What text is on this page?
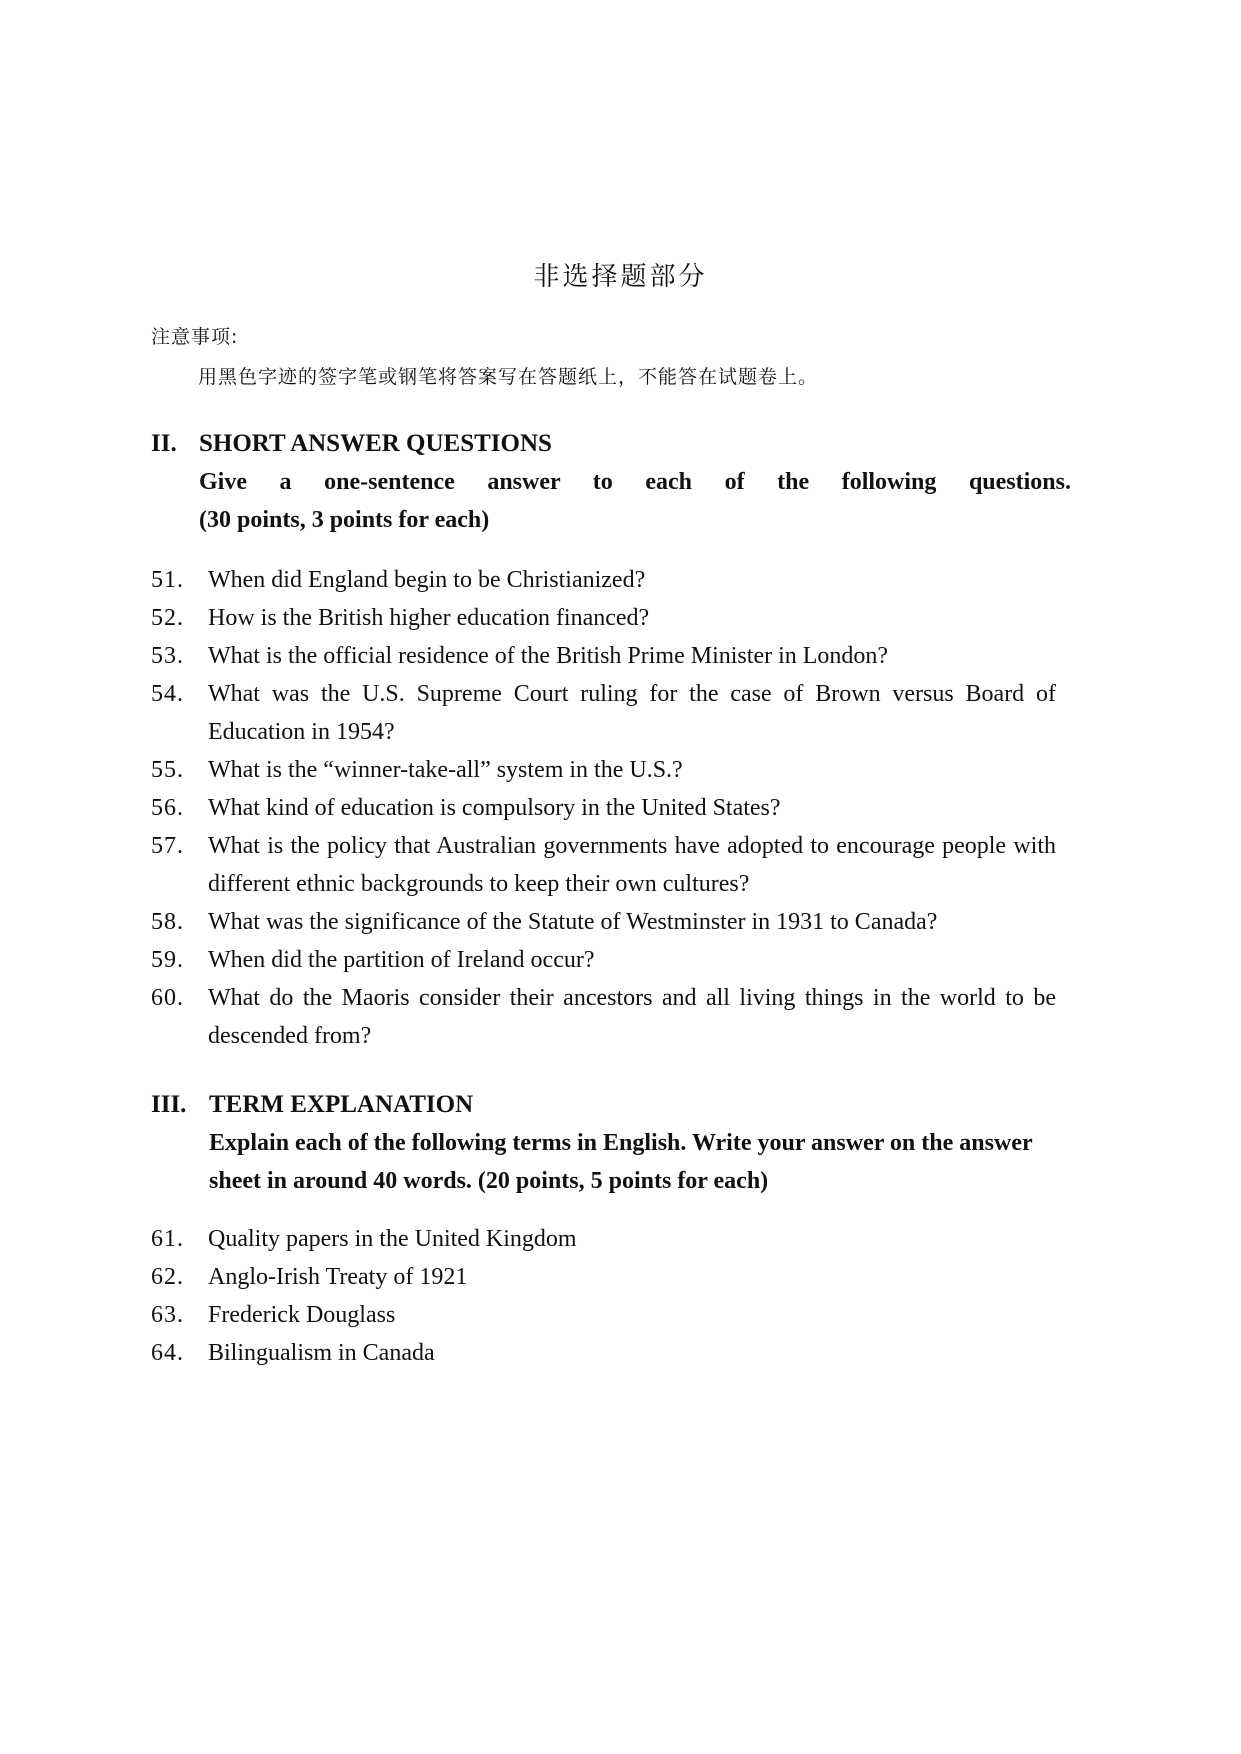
非选择题部分
注意事项:
用黑色字迹的签字笔或钢笔将答案写在答题纸上，不能答在试题卷上。
II. SHORT ANSWER QUESTIONS
Give a one-sentence answer to each of the following questions.
(30 points, 3 points for each)
51.	When did England begin to be Christianized?
52.	How is the British higher education financed?
53.	What is the official residence of the British Prime Minister in London?
54.	What was the U.S. Supreme Court ruling for the case of Brown versus Board of Education in 1954?
55.	What is the “winner-take-all” system in the U.S.?
56.	What kind of education is compulsory in the United States?
57.	What is the policy that Australian governments have adopted to encourage people with different ethnic backgrounds to keep their own cultures?
58.	What was the significance of the Statute of Westminster in 1931 to Canada?
59.	When did the partition of Ireland occur?
60.	What do the Maoris consider their ancestors and all living things in the world to be descended from?
III. TERM EXPLANATION
Explain each of the following terms in English. Write your answer on the answer sheet in around 40 words. (20 points, 5 points for each)
61.	Quality papers in the United Kingdom
62.	Anglo-Irish Treaty of 1921
63.	Frederick Douglass
64.	Bilingualism in Canada
